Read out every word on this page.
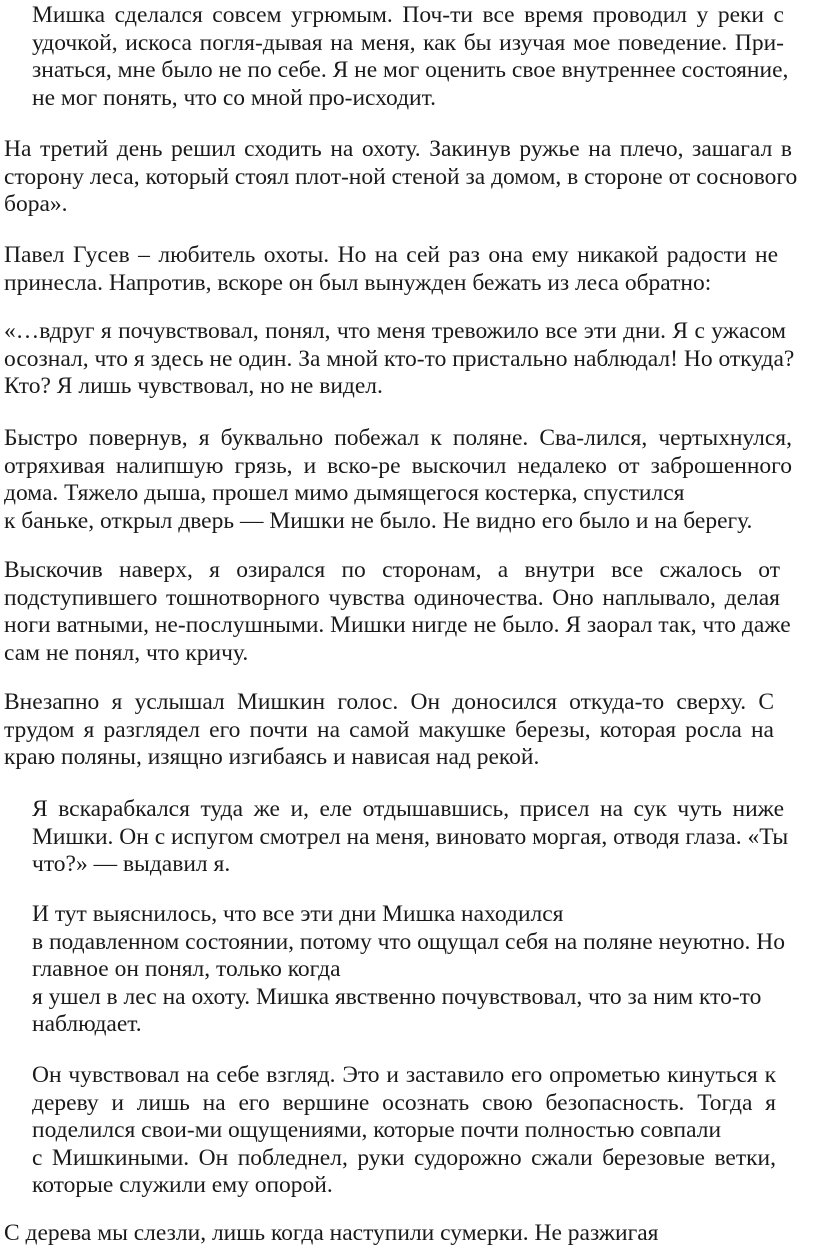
Мишка сделался совсем угрюмым. Поч-ти все время проводил у реки с
удочкой, искоса погля-дывая на меня, как бы изучая мое поведение. При-
знаться, мне было не по себе. Я не мог оценить свое внутреннее состояние,
не мог понять, что со мной про-исходит.
На третий день решил сходить на охоту. Закинув ружье на плечо, зашагал в
сторону леса, который стоял плот-ной стеной за домом, в стороне от соснового
бора».
Павел Гусев – любитель охоты. Но на сей раз она ему никакой радости не
принесла. Напротив, вскоре он был вынужден бежать из леса обратно:
«…вдруг я почувствовал, понял, что меня тревожило все эти дни. Я с ужасом
осознал, что я здесь не один. За мной кто-то пристально наблюдал! Но откуда?
Кто? Я лишь чувствовал, но не видел.
Быстро повернув, я буквально побежал к поляне. Сва-лился, чертыхнулся,
отряхивая налипшую грязь, и вско-ре выскочил недалеко от заброшенного
дома. Тяжело дыша, прошел мимо дымящегося костерка, спустился
к баньке, открыл дверь — Мишки не было. Не видно его было и на берегу.
Выскочив наверх, я озирался по сторонам, а внутри все сжалось от
подступившего тошнотворного чувства одиночества. Оно наплывало, делая
ноги ватными, не-послушными. Мишки нигде не было. Я заорал так, что даже
сам не понял, что кричу.
Внезапно я услышал Мишкин голос. Он доносился откуда-то сверху. С
трудом я разглядел его почти на самой макушке березы, которая росла на
краю поляны, изящно изгибаясь и нависая над рекой.
Я вскарабкался туда же и, еле отдышавшись, присел на сук чуть ниже
Мишки. Он с испугом смотрел на меня, виновато моргая, отводя глаза. «Ты
что?» — выдавил я.
И тут выяснилось, что все эти дни Мишка находился
в подавленном состоянии, потому что ощущал себя на поляне неуютно. Но
главное он понял, только когда
я ушел в лес на охоту. Мишка явственно почувствовал, что за ним кто-то
наблюдает.
Он чувствовал на себе взгляд. Это и заставило его опрометью кинуться к
дереву и лишь на его вершине осознать свою безопасность. Тогда я
поделился свои-ми ощущениями, которые почти полностью совпали
с Мишкиными. Он побледнел, руки судорожно сжали березовые ветки,
которые служили ему опорой.
С дерева мы слезли, лишь когда наступили сумерки. Не разжигая
